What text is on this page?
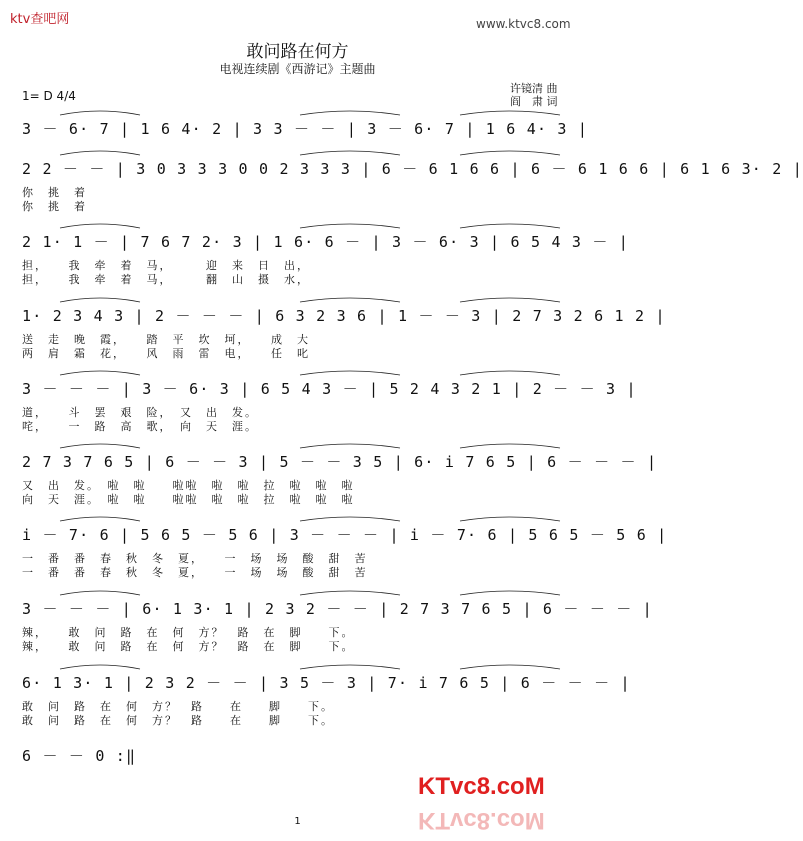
ktv查吧网	www.ktvc8.com
敢问路在何方
电视连续剧《西游记》主题曲
1= D 4/4
许镜清 曲
阎　肃 词
3 － 6· 7 | 1 6 4· 2 | 3 3 － － | 3 － 6· 7 | 1 6 4· 3 |
2 2 － － | 3 0 3 3 3 0 0 2 3 3 3 | 6 － 6 1 6 6 | 6 － 6 1 6 6 | 6 1 6 3· 2 |
你　挑　着
你　挑　着
2 1· 1 － | 7 6 7 2· 3 | 1 6· 6 － | 3 － 6· 3 | 6 5 4 3 － |
担，　　我　牵　着　马，　　　迎　来　日　出，
担，　　我　牵　着　马，　　　翻　山　摄　水，
1· 2 3 4 3 | 2 － － － | 6 3 2 3 6 | 1 － － 3 | 2 7 3 2 6 1 2 |
送　走　晚　霞，　　踏　平　坎　坷，　　成　大
两　肩　霜　花，　　风　雨　雷　电，　　任　叱
3 － － － | 3 － 6· 3 | 6 5 4 3 － | 5 2 4 3 2 1 | 2 － － 3 |
道，　　斗　罢　艰　险，　又　出　发。
咤，　　一　路　高　歌，　向　天　涯。
2 7 3 7 6 5 | 6 － － 3 | 5 － － 3 5 | 6· i 7 6 5 | 6 － － － |
又　出　发。　啦　啦　　啦啦　啦　啦　拉　啦　啦　啦
向　天　涯。　啦　啦　　啦啦　啦　啦　拉　啦　啦　啦
i － 7· 6 | 5 6 5 － 5 6 | 3 － － － | i － 7· 6 | 5 6 5 － 5 6 |
一　番　番　春　秋　冬　夏，　　一　场　场　酸　甜　苦
一　番　番　春　秋　冬　夏，　　一　场　场　酸　甜　苦
3 － － － | 6· 1 3· 1 | 2 3 2 － － | 2 7 3 7 6 5 | 6 － － － |
辣，　　敢　问　路　在　何　方？　路　在　脚　　下。
辣，　　敢　问　路　在　何　方？　路　在　脚　　下。
6· 1 3· 1 | 2 3 2 － － | 3 5 － 3 | 7· i 7 6 5 | 6 － － － |
敢　问　路　在　何　方？　路　　在　　脚　　下。
敢　问　路　在　何　方？　路　　在　　脚　　下。
6 － － 0 :‖
KTvc8.coM
KTvc8.coM
1
